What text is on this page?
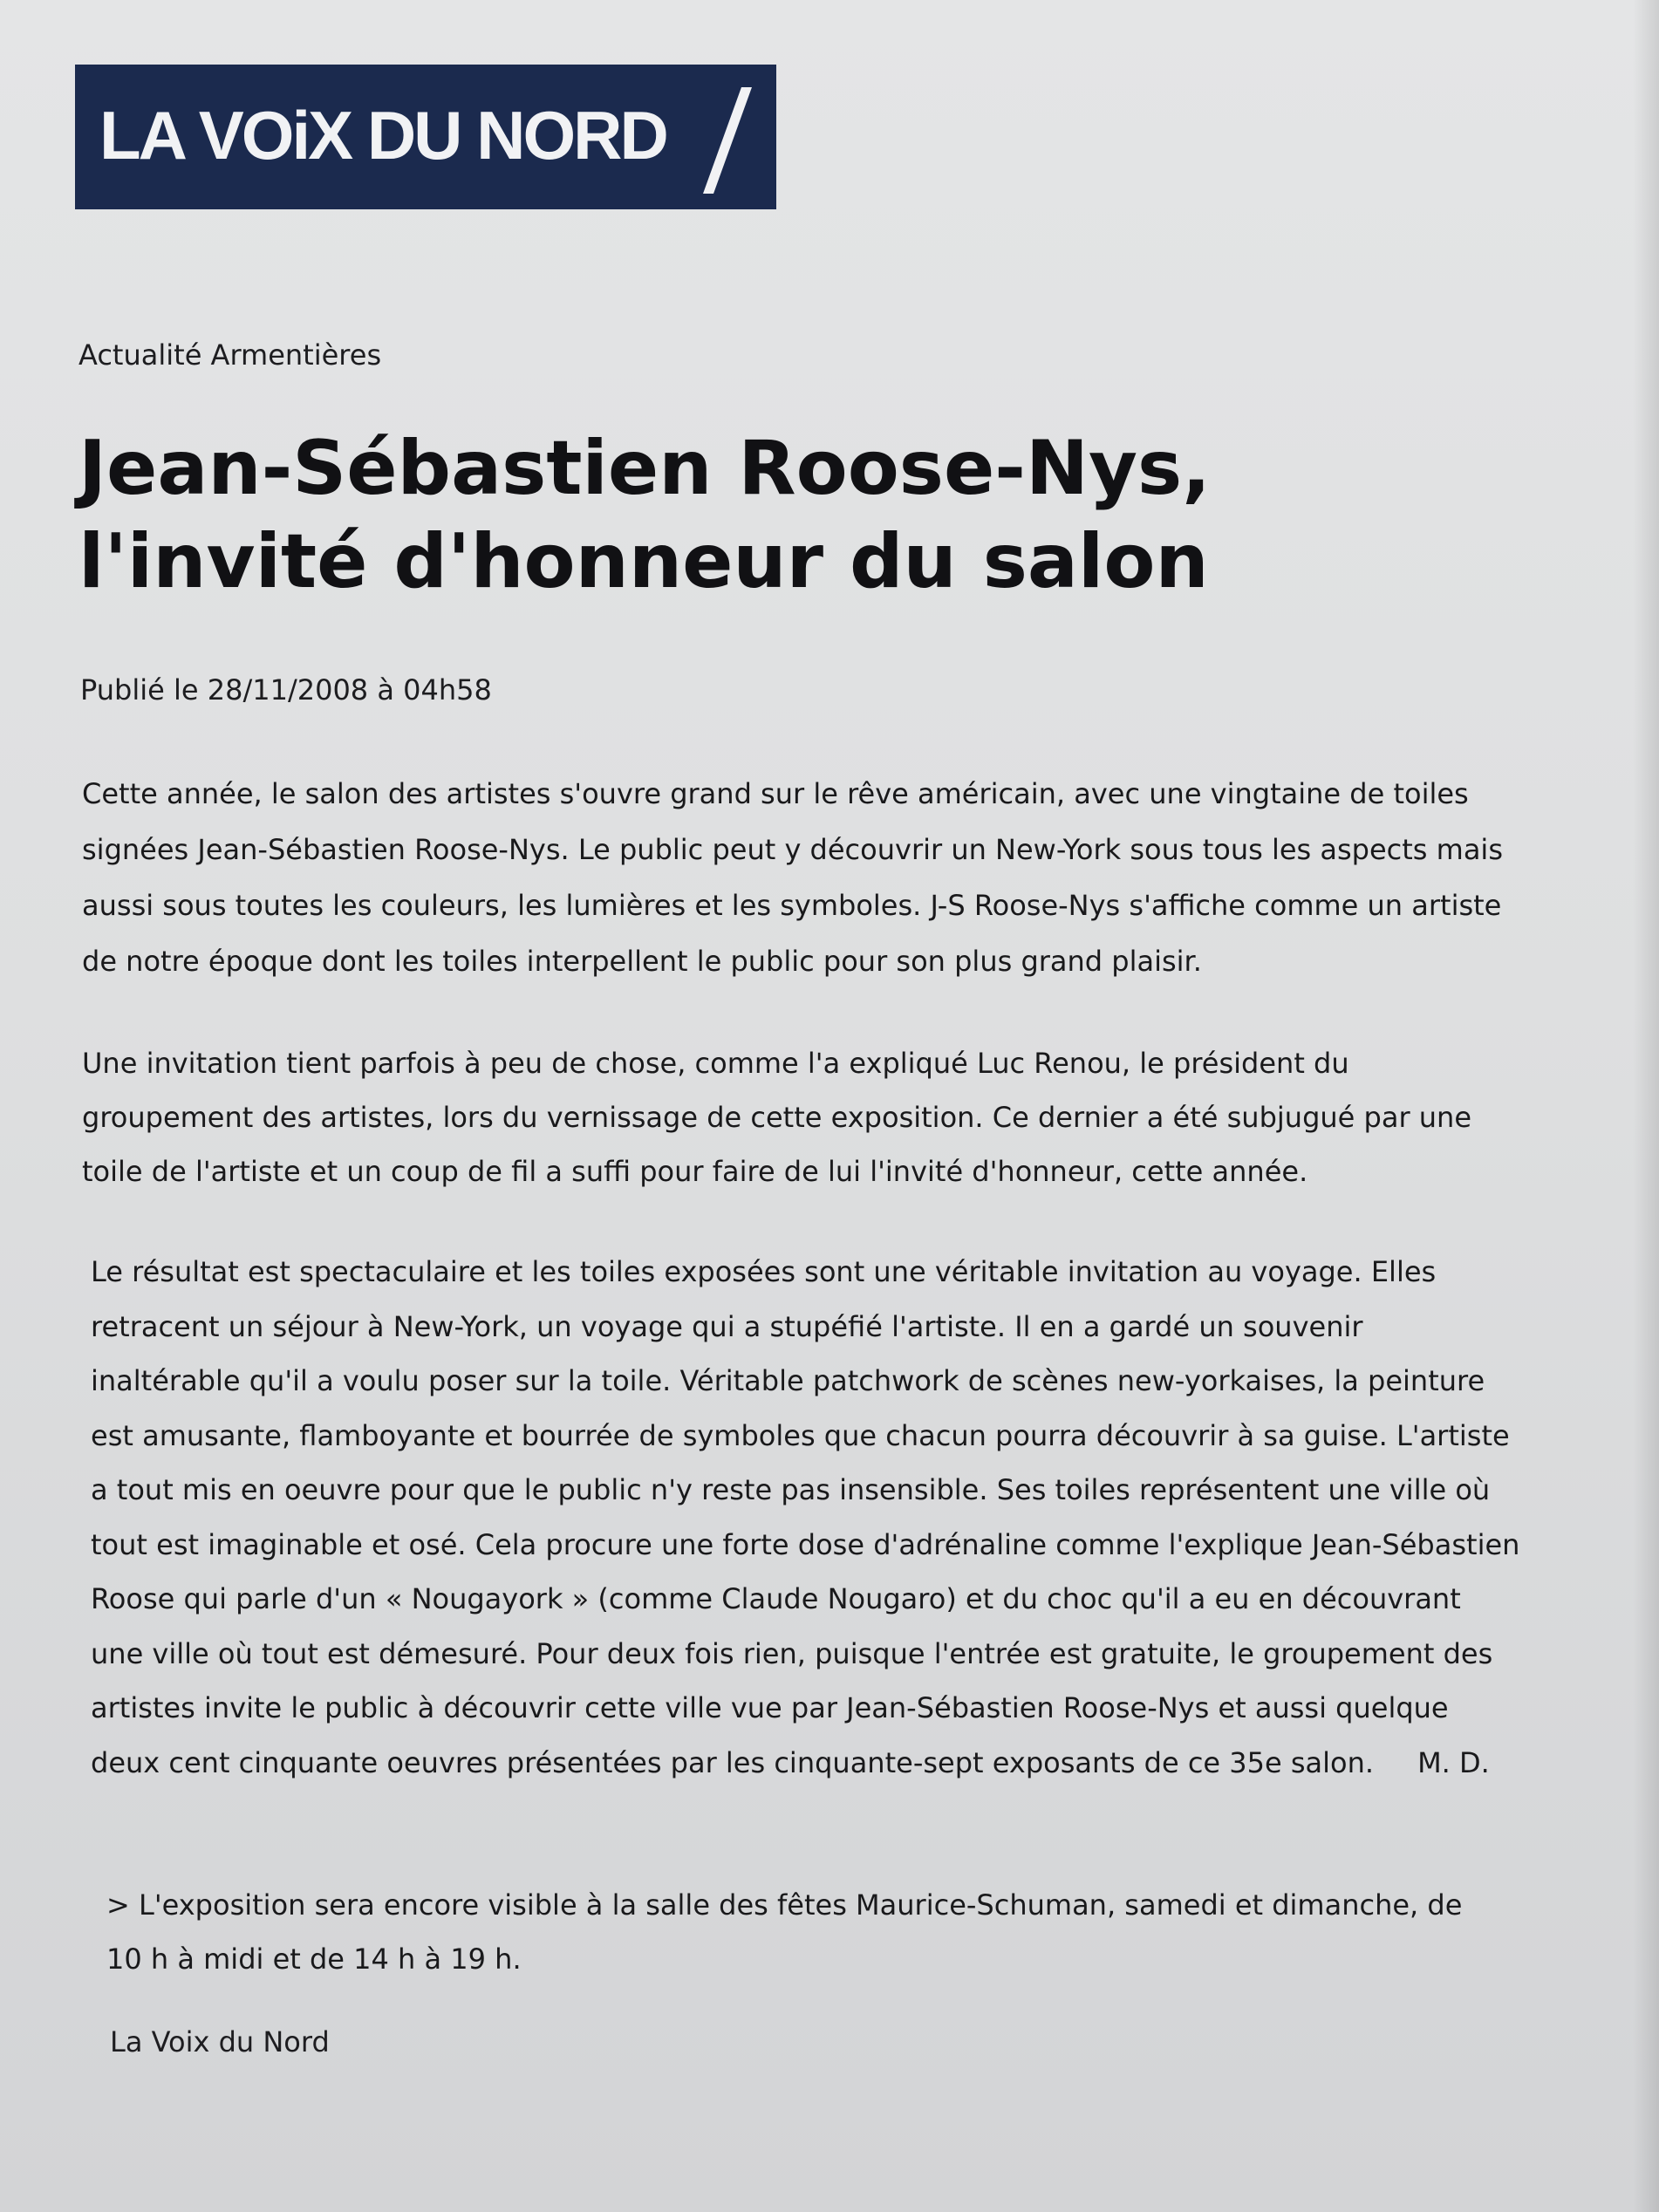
LA VOiX DU NORD
Actualité Armentières
Jean-Sébastien Roose-Nys, l'invité d'honneur du salon
Publié le 28/11/2008 à 04h58

Cette année, le salon des artistes s'ouvre grand sur le rêve américain, avec une vingtaine de toiles signées Jean-Sébastien Roose-Nys. Le public peut y découvrir un New-York sous tous les aspects mais aussi sous toutes les couleurs, les lumières et les symboles. J-S Roose-Nys s'affiche comme un artiste de notre époque dont les toiles interpellent le public pour son plus grand plaisir.

Une invitation tient parfois à peu de chose, comme l'a expliqué Luc Renou, le président du groupement des artistes, lors du vernissage de cette exposition. Ce dernier a été subjugué par une toile de l'artiste et un coup de fil a suffi pour faire de lui l'invité d'honneur, cette année.

Le résultat est spectaculaire et les toiles exposées sont une véritable invitation au voyage. Elles retracent un séjour à New-York, un voyage qui a stupéfié l'artiste. Il en a gardé un souvenir inaltérable qu'il a voulu poser sur la toile. Véritable patchwork de scènes new-yorkaises, la peinture est amusante, flamboyante et bourrée de symboles que chacun pourra découvrir à sa guise. L'artiste a tout mis en oeuvre pour que le public n'y reste pas insensible. Ses toiles représentent une ville où tout est imaginable et osé. Cela procure une forte dose d'adrénaline comme l'explique Jean-Sébastien Roose qui parle d'un « Nougayork » (comme Claude Nougaro) et du choc qu'il a eu en découvrant une ville où tout est démesuré. Pour deux fois rien, puisque l'entrée est gratuite, le groupement des artistes invite le public à découvrir cette ville vue par Jean-Sébastien Roose-Nys et aussi quelque deux cent cinquante oeuvres présentées par les cinquante-sept exposants de ce 35e salon. M. D.

> L'exposition sera encore visible à la salle des fêtes Maurice-Schuman, samedi et dimanche, de 10 h à midi et de 14 h à 19 h.

La Voix du Nord
